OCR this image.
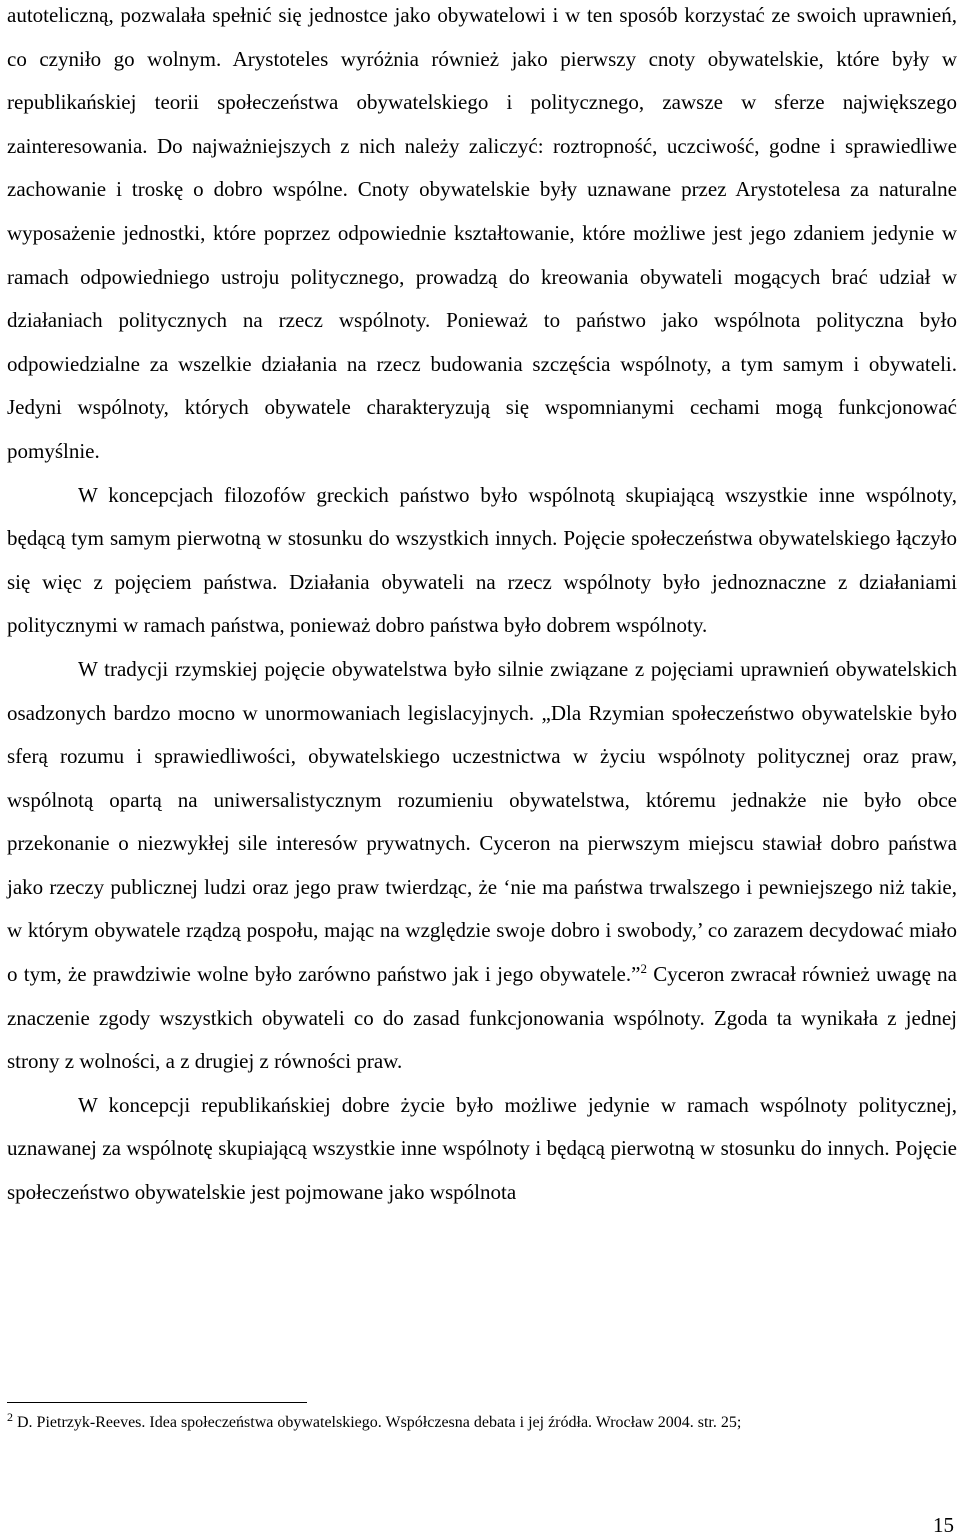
autoteliczną, pozwalała spełnić się jednostce jako obywatelowi i w ten sposób korzystać ze swoich uprawnień, co czyniło go wolnym. Arystoteles wyróżnia również jako pierwszy cnoty obywatelskie, które były w republikańskiej teorii społeczeństwa obywatelskiego i politycznego, zawsze w sferze największego zainteresowania. Do najważniejszych z nich należy zaliczyć: roztropność, uczciwość, godne i sprawiedliwe zachowanie i troskę o dobro wspólne. Cnoty obywatelskie były uznawane przez Arystotelesa za naturalne wyposażenie jednostki, które poprzez odpowiednie kształtowanie, które możliwe jest jego zdaniem jedynie w ramach odpowiedniego ustroju politycznego, prowadzą do kreowania obywateli mogących brać udział w działaniach politycznych na rzecz wspólnoty. Ponieważ to państwo jako wspólnota polityczna było odpowiedzialne za wszelkie działania na rzecz budowania szczęścia wspólnoty, a tym samym i obywateli. Jedyni wspólnoty, których obywatele charakteryzują się wspomnianymi cechami mogą funkcjonować pomyślnie.

W koncepcjach filozofów greckich państwo było wspólnotą skupiającą wszystkie inne wspólnoty, będącą tym samym pierwotną w stosunku do wszystkich innych. Pojęcie społeczeństwa obywatelskiego łączyło się więc z pojęciem państwa. Działania obywateli na rzecz wspólnoty było jednoznaczne z działaniami politycznymi w ramach państwa, ponieważ dobro państwa było dobrem wspólnoty.

W tradycji rzymskiej pojęcie obywatelstwa było silnie związane z pojęciami uprawnień obywatelskich osadzonych bardzo mocno w unormowaniach legislacyjnych. „Dla Rzymian społeczeństwo obywatelskie było sferą rozumu i sprawiedliwości, obywatelskiego uczestnictwa w życiu wspólnoty politycznej oraz praw, wspólnotą opartą na uniwersalistycznym rozumieniu obywatelstwa, któremu jednakże nie było obce przekonanie o niezwykłej sile interesów prywatnych. Cyceron na pierwszym miejscu stawiał dobro państwa jako rzeczy publicznej ludzi oraz jego praw twierdząc, że ‘nie ma państwa trwalszego i pewniejszego niż takie, w którym obywatele rządzą pospołu, mając na względzie swoje dobro i swobody,’ co zarazem decydować miało o tym, że prawdziwie wolne było zarówno państwo jak i jego obywatele.”$^2$ Cyceron zwracał również uwagę na znaczenie zgody wszystkich obywateli co do zasad funkcjonowania wspólnoty. Zgoda ta wynikała z jednej strony z wolności, a z drugiej z równości praw.

W koncepcji republikańskiej dobre życie było możliwe jedynie w ramach wspólnoty politycznej, uznawanej za wspólnotę skupiającą wszystkie inne wspólnoty i będącą pierwotną w stosunku do innych. Pojęcie społeczeństwo obywatelskie jest pojmowane jako wspólnota

$^2$ D. Pietrzyk-Reeves. Idea społeczeństwa obywatelskiego. Współczesna debata i jej źródła. Wrocław 2004. str. 25;
15
